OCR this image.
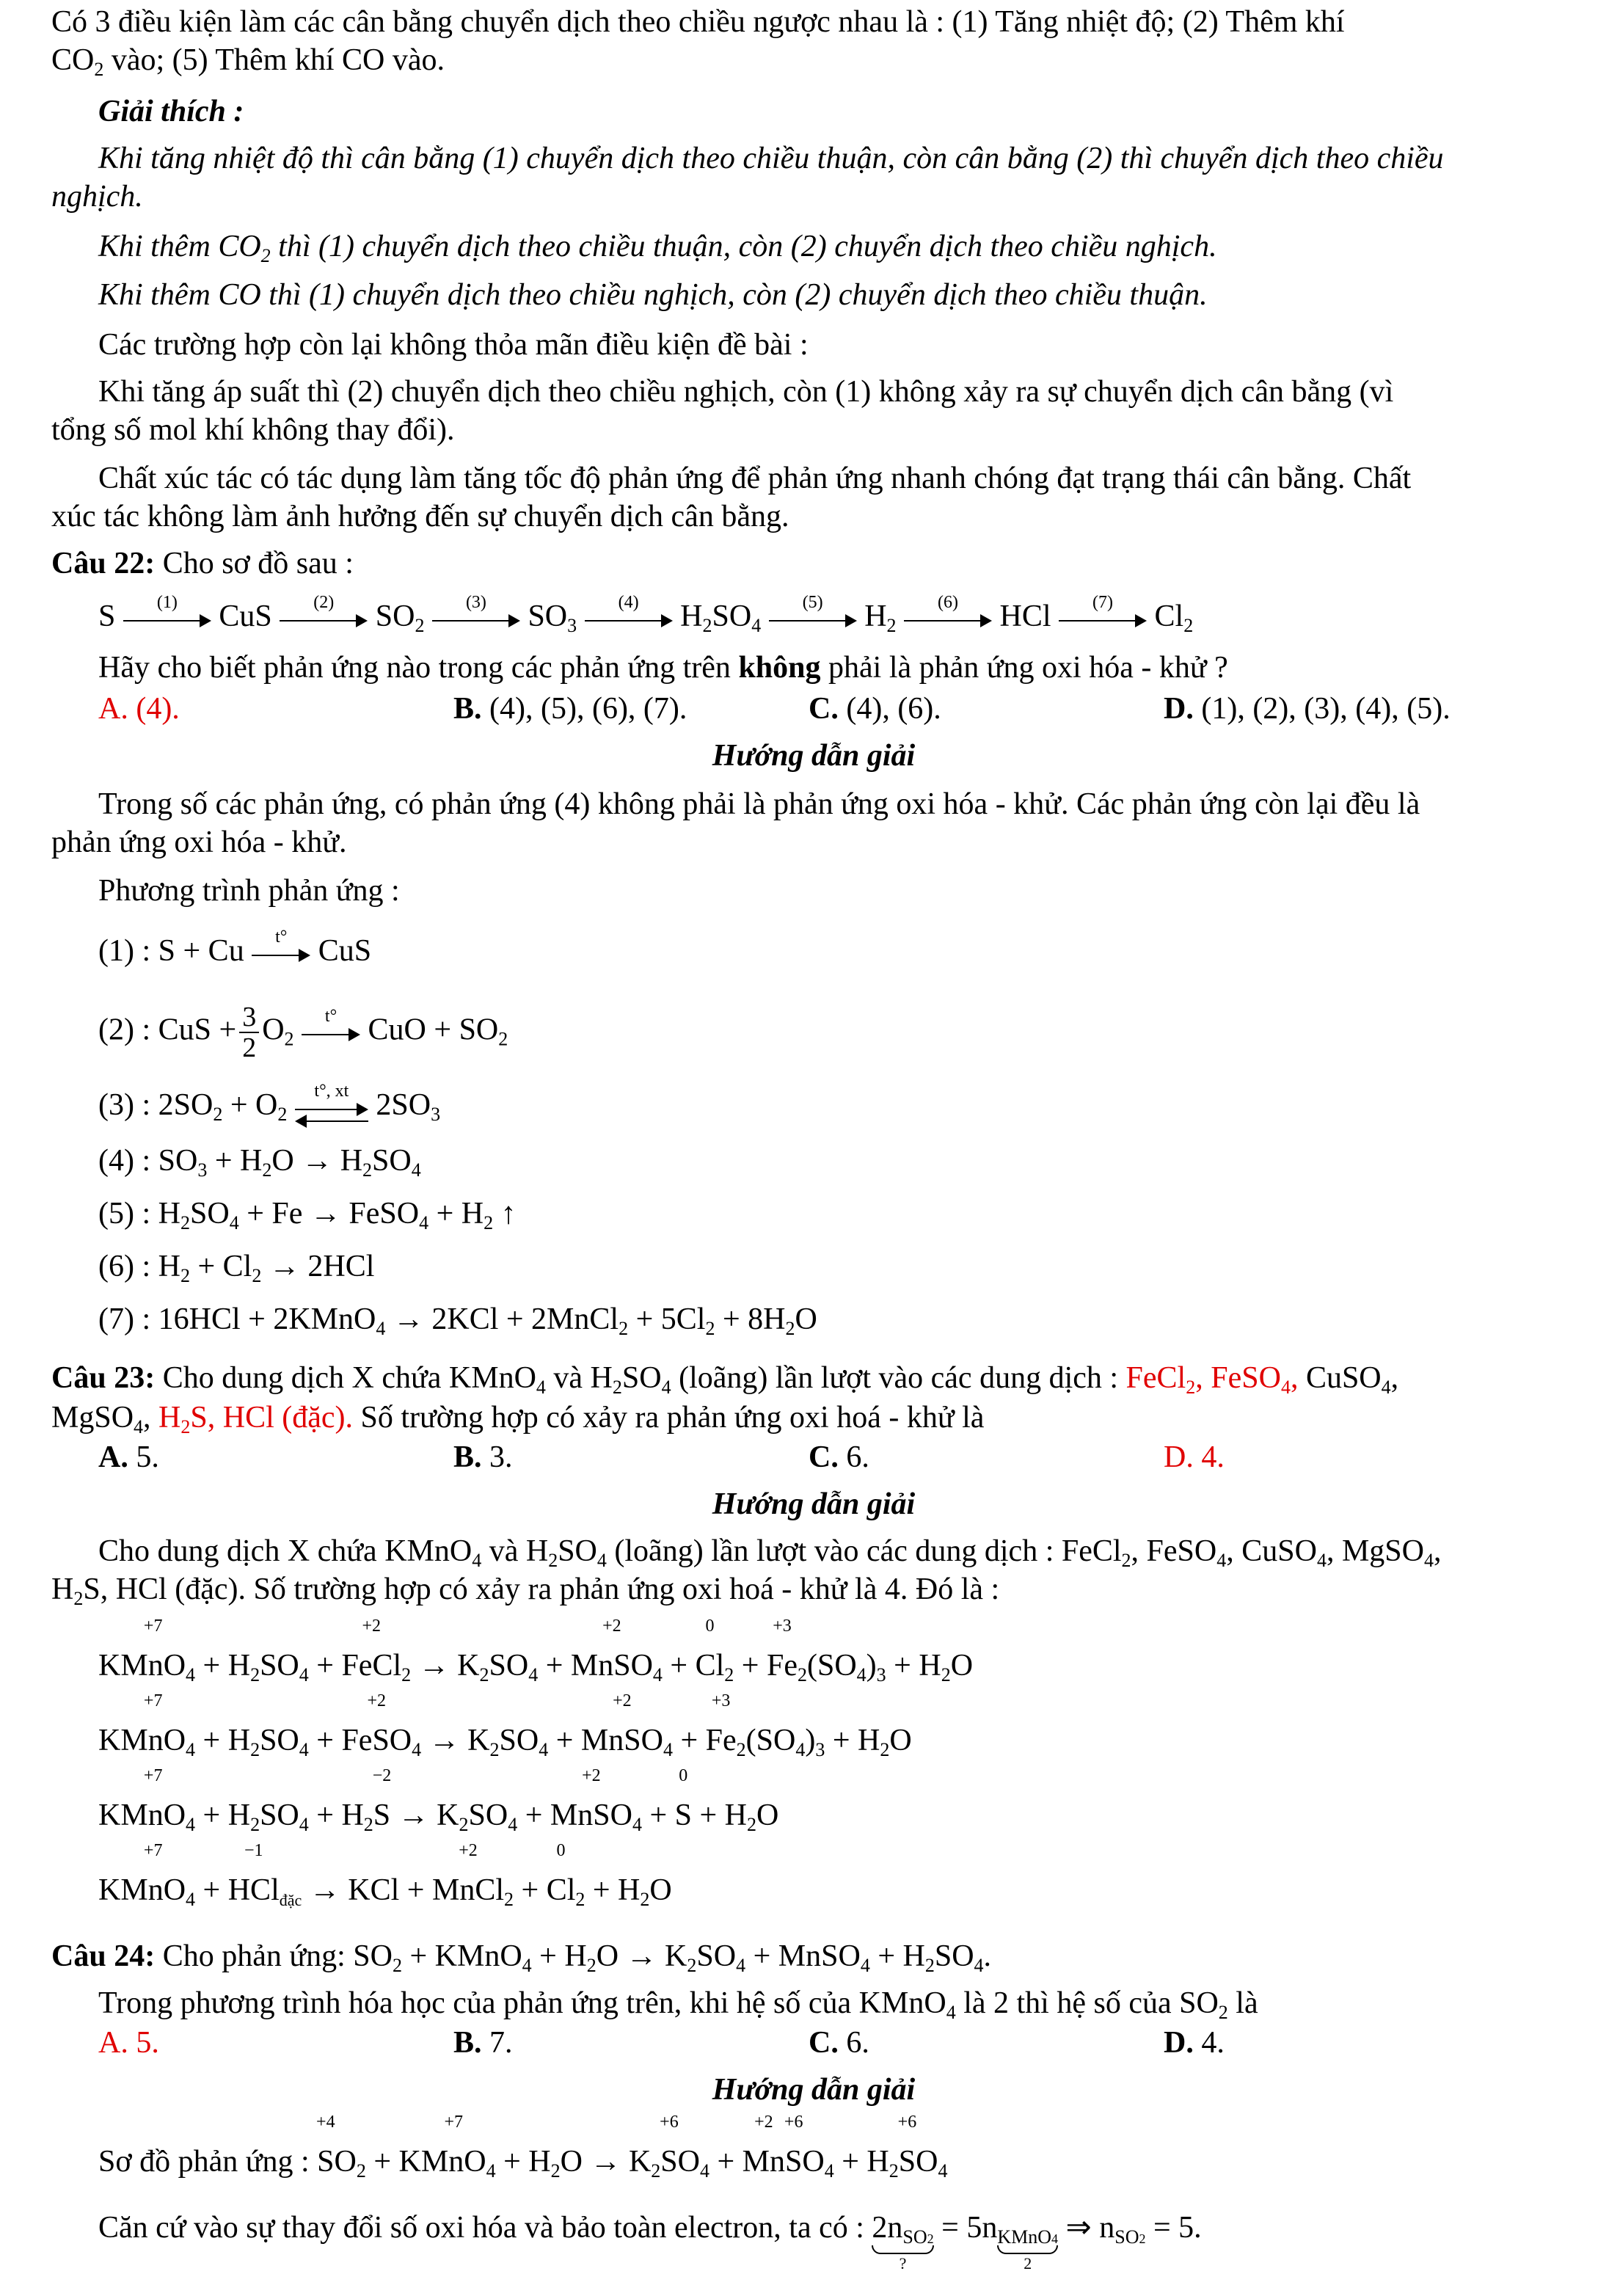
Có 3 điều kiện làm các cân bằng chuyển dịch theo chiều ngược nhau là : (1) Tăng nhiệt độ; (2) Thêm khí
$CO_2$ vào; (5) Thêm khí CO vào.
Giải thích :
Khi tăng nhiệt độ thì cân bằng (1) chuyển dịch theo chiều thuận, còn cân bằng (2) thì chuyển dịch theo chiều
nghịch.
Khi thêm $CO_2$ thì (1) chuyển dịch theo chiều thuận, còn (2) chuyển dịch theo chiều nghịch.
Khi thêm CO thì (1) chuyển dịch theo chiều nghịch, còn (2) chuyển dịch theo chiều thuận.
Các trường hợp còn lại không thỏa mãn điều kiện đề bài :
Khi tăng áp suất thì (2) chuyển dịch theo chiều nghịch, còn (1) không xảy ra sự chuyển dịch cân bằng (vì
tổng số mol khí không thay đổi).
Chất xúc tác có tác dụng làm tăng tốc độ phản ứng để phản ứng nhanh chóng đạt trạng thái cân bằng. Chất
xúc tác không làm ảnh hưởng đến sự chuyển dịch cân bằng.
Câu 22: Cho sơ đồ sau :
S	(1)	CuS	(2)	$SO_2$
(3)	$SO_3$
(4)	$H_2SO_4$
(5)	$H_2$
(6)	HCl	(7)	$Cl_2$
Hãy cho biết phản ứng nào trong các phản ứng trên không phải là phản ứng oxi hóa - khử ?
A. (4).	B. (4), (5), (6), (7).	C. (4), (6).	D. (1), (2), (3), (4), (5).
Hướng dẫn giải
Trong số các phản ứng, có phản ứng (4) không phải là phản ứng oxi hóa - khử. Các phản ứng còn lại đều là
phản ứng oxi hóa - khử.
Phương trình phản ứng :
(1) : S + Cu	t°	CuS
(2) : CuS + $\frac{3}{2} O_2$
t°	CuO + $SO_2$
(3) : $2SO_2 + O_2$
t°, xt $2SO_3$
(4) : $SO_3 + H_2O \to H_2SO_4$
(5) : $H_2SO_4 + Fe$ → FeSO$_4$ + $H_2$ ↑
(6) : $H_2 + Cl_2 \to 2HCl$
(7) : 16HCl + 2KMnO$_4$ → 2KCl + 2MnCl$_2$ + $5Cl_2 + 8H_2O$
Câu 23: Cho dung dịch X chứa KMnO$_4$ và $H_2SO_4$ (loãng) lần lượt vào các dung dịch : FeCl$_2$, FeSO$_4$, CuSO$_4$,
MgSO$_4$, $H_2S$, HCl (đặc). Số trường hợp có xảy ra phản ứng oxi hoá - khử là
A. 5.	B. 3.	C. 6.	D. 4.
Hướng dẫn giải
Cho dung dịch X chứa KMnO$_4$ và $H_2SO_4$ (loãng) lần lượt vào các dung dịch : FeCl$_2$, FeSO$_4$, CuSO$_4$, MgSO$_4$,
$H_2S$, HCl (đặc). Số trường hợp có xảy ra phản ứng oxi hoá - khử là 4. Đó là :
K
+7
$MnO_4 + H_2SO_4$ +
+2
FeCl$_2$ → $K_2SO_4$ +
+2
MnSO$_4$ +
0
$Cl_2$ +
+3
$Fe_2(SO_4)_3 + H_2O$
K
+7
$MnO_4 + H_2SO_4$ +
+2
FeSO$_4$ → $K_2SO_4$ +
+2
MnSO$_4$ +
+3
$Fe_2(SO_4)_3 + H_2O$
K
+7
$MnO_4 + H_2SO_4 + H_2$
−2
$S \to K_2SO_4$ +
+2
MnSO$_4$ +
0
$S + H_2O$
K
+7
MnO$_4$ +
−1
HCl$_{đặc}$ → KCl +
+2
MnCl$_2$ +
0
$Cl_2 + H_2O$
Câu 24: Cho phản ứng: $SO_2$ + KMnO$_4$ + $H_2O \to K_2SO_4$ + MnSO$_4$ + $H_2SO_4$.
Trong phương trình hóa học của phản ứng trên, khi hệ số của KMnO$_4$ là 2 thì hệ số của $SO_2$ là
A. 5.	B. 7.	C. 6.	D. 4.
Hướng dẫn giải
Sơ đồ phản ứng :
+4
$SO_2 + K$
+7
$MnO_4 + H_2O \to K_2$
+6
$SO_4$ +
+2
Mn
+6
$SO_4 + H_2$
+6
$SO_4$
Căn cứ vào sự thay đổi số oxi hóa và bảo toàn electron, ta có : $2n_{SO2}$
?
= $5n_{KMnO4}$
2
⇒ $n_{SO2} = 5$.
